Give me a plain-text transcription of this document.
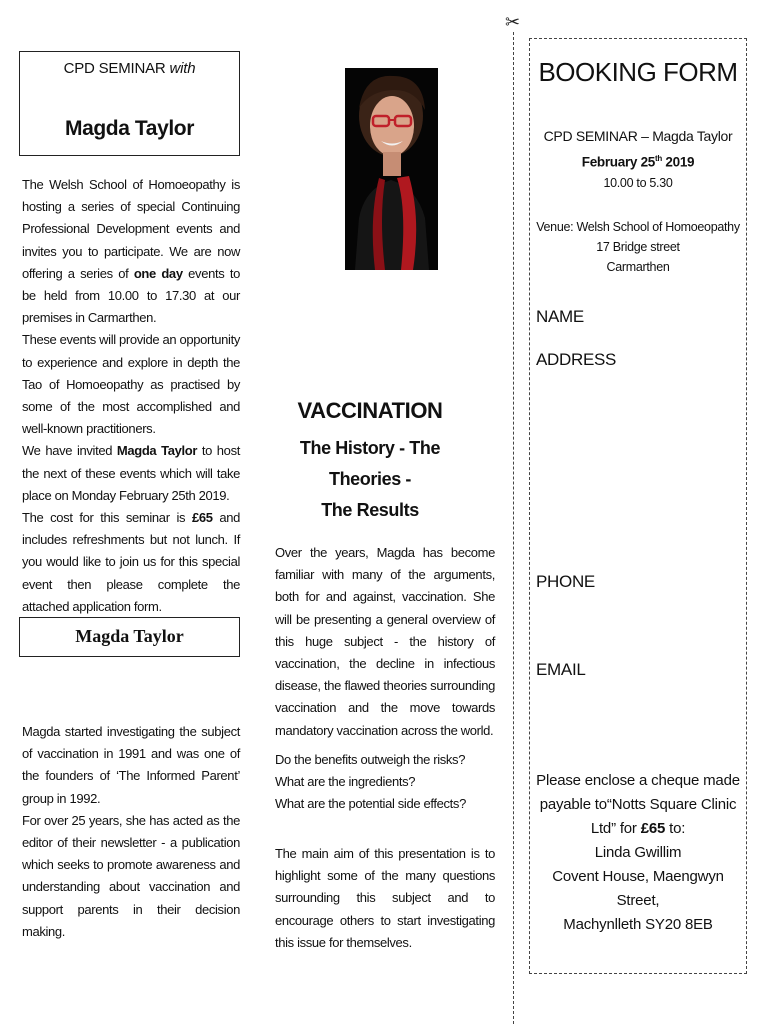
CPD SEMINAR with
Magda Taylor
The Welsh School of Homoeopathy is hosting a series of special Continuing Professional Development events and invites you to participate. We are now offering a series of one day events to be held from 10.00 to 17.30 at our premises in Carmarthen.
These events will provide an opportunity to experience and explore in depth the Tao of Homoeopathy as practised by some of the most accomplished and well-known practitioners.
We have invited Magda Taylor to host the next of these events which will take place on Monday February 25th 2019.
The cost for this seminar is £65 and includes refreshments but not lunch. If you would like to join us for this special event then please complete the attached application form.
Magda Taylor
Magda started investigating the subject of vaccination in 1991 and was one of the founders of ‘The Informed Parent’ group in 1992.
For over 25 years, she has acted as the editor of their newsletter - a publication which seeks to promote awareness and understanding about vaccination and support parents in their decision making.
VACCINATION
The History - The Theories -
The Results
Over the years, Magda has become familiar with many of the arguments, both for and against, vaccination. She will be presenting a general overview of this huge subject - the history of vaccination, the decline in infectious disease, the flawed theories surrounding vaccination and the move towards mandatory vaccination across the world.
Do the benefits outweigh the risks?
What are the ingredients?
What are the potential side effects?
The main aim of this presentation is to highlight some of the many questions surrounding this subject and to encourage others to start investigating this issue for themselves.
✂
BOOKING FORM
CPD SEMINAR – Magda Taylor
February 25th 2019
10.00 to 5.30
Venue: Welsh School of Homoeopathy
17 Bridge street
Carmarthen
NAME
ADDRESS
PHONE
EMAIL
Please enclose a cheque made payable to“Notts Square Clinic Ltd” for £65 to:
Linda Gwillim
Covent House, Maengwyn Street,
Machynlleth SY20 8EB
